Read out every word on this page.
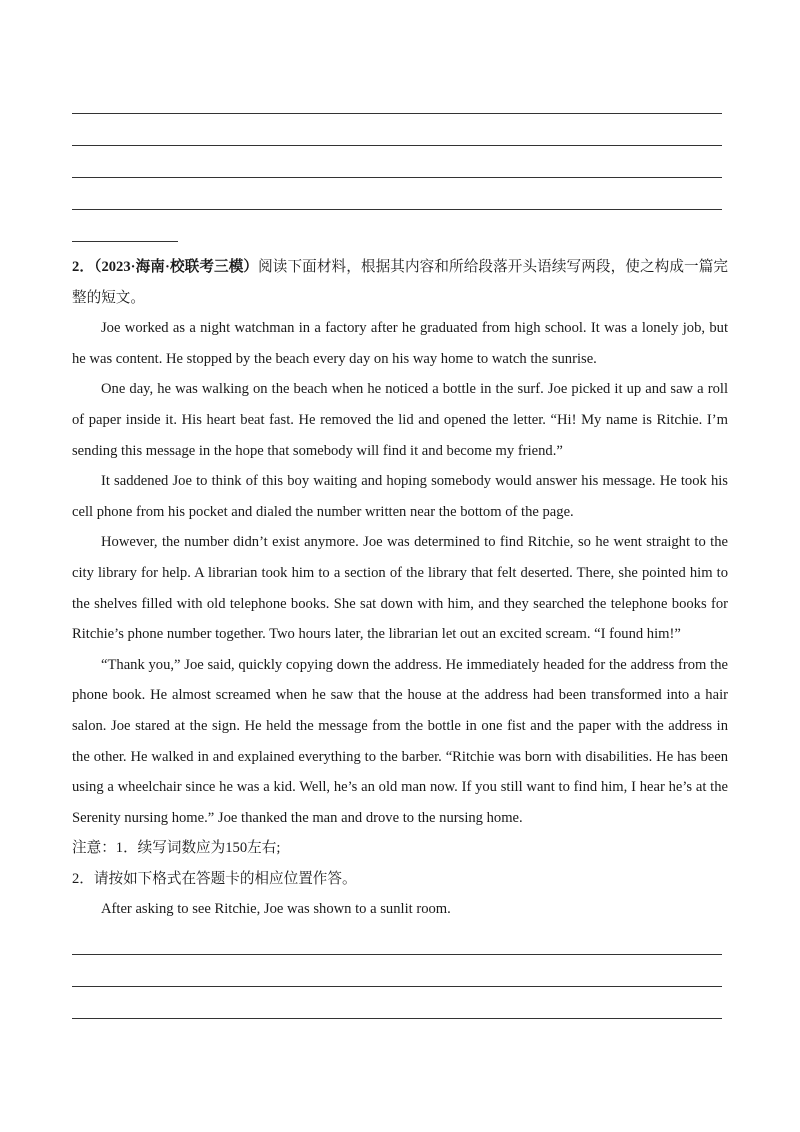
2．（2023·海南·校联考三模）阅读下面材料，根据其内容和所给段落开头语续写两段，使之构成一篇完整的短文。

Joe worked as a night watchman in a factory after he graduated from high school. It was a lonely job, but he was content. He stopped by the beach every day on his way home to watch the sunrise.

One day, he was walking on the beach when he noticed a bottle in the surf. Joe picked it up and saw a roll of paper inside it. His heart beat fast. He removed the lid and opened the letter. “Hi! My name is Ritchie. I’m sending this message in the hope that somebody will find it and become my friend.”

It saddened Joe to think of this boy waiting and hoping somebody would answer his message. He took his cell phone from his pocket and dialed the number written near the bottom of the page.

However, the number didn’t exist anymore. Joe was determined to find Ritchie, so he went straight to the city library for help. A librarian took him to a section of the library that felt deserted. There, she pointed him to the shelves filled with old telephone books. She sat down with him, and they searched the telephone books for Ritchie’s phone number together. Two hours later, the librarian let out an excited scream. “I found him!”

“Thank you,” Joe said, quickly copying down the address. He immediately headed for the address from the phone book. He almost screamed when he saw that the house at the address had been transformed into a hair salon. Joe stared at the sign. He held the message from the bottle in one fist and the paper with the address in the other. He walked in and explained everything to the barber. “Ritchie was born with disabilities. He has been using a wheelchair since he was a kid. Well, he’s an old man now. If you still want to find him, I hear he’s at the Serenity nursing home.” Joe thanked the man and drove to the nursing home.

注意：1．续写词数应为150左右;

2．请按如下格式在答题卡的相应位置作答。

After asking to see Ritchie, Joe was shown to a sunlit room.
